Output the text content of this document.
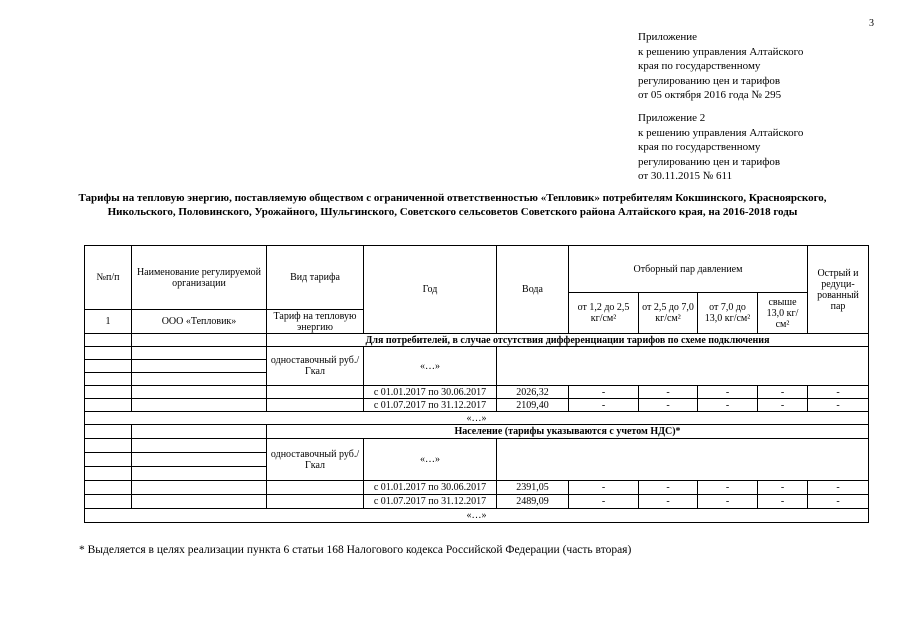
3
Приложение
к решению управления Алтайского
края по государственному
регулированию цен и тарифов
от 05 октября 2016 года № 295
Приложение 2
к решению управления Алтайского
края по государственному
регулированию цен и тарифов
от 30.11.2015 № 611
Тарифы на тепловую энергию, поставляемую обществом с ограниченной ответственностью «Тепловик» потребителям Кокшинского, Красноярского, Никольского, Половинского, Урожайного, Шульгинского, Советского сельсоветов Советского района Алтайского края, на 2016-2018 годы
№п/п	Наименование регулируемой организации	Вид тарифа	Год	Вода	Отборный пар давлением				Острый и редуци-рованный пар
					от 1,2 до 2,5 кг/см²	от 2,5 до 7,0 кг/см²	от 7,0 до 13,0 кг/см²	свыше 13,0 кг/см²	
1	ООО «Тепловик»	Тариф на тепловую энергию							
		Для потребителей, в случае отсутствия дифференциации тарифов по схеме подключения							
		одноставочный руб./Гкал	«…»						

			с 01.01.2017 по 30.06.2017	2026,32	-	-	-	-	-
			с 01.07.2017 по 31.12.2017	2109,40	-	-	-	-	-
«…»									
		Население (тарифы указываются с учетом НДС)*							
		одноставочный руб./Гкал	«…»						

			с 01.01.2017 по 30.06.2017	2391,05	-	-	-	-	-
			с 01.07.2017 по 31.12.2017	2489,09	-	-	-	-	-
«…»									
* Выделяется в целях реализации пункта 6 статьи 168 Налогового кодекса Российской Федерации (часть вторая)
